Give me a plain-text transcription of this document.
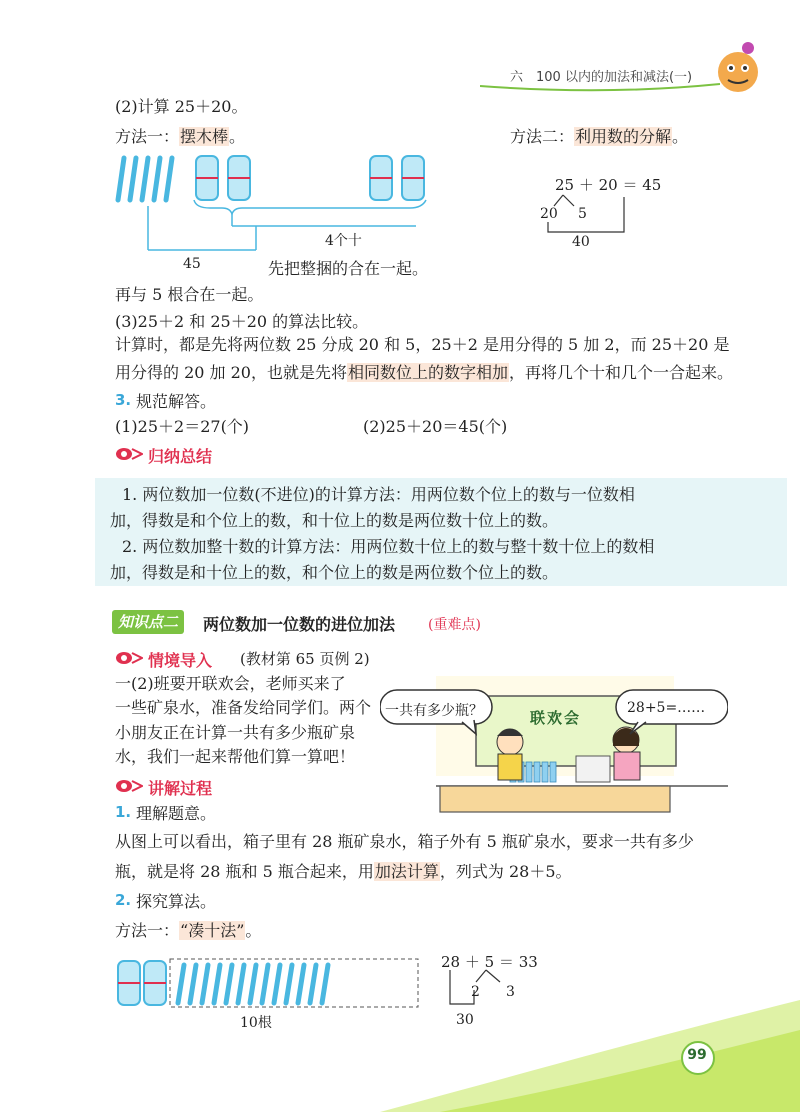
99
六　100 以内的加法和减法(一)
(2)计算 25＋20。
方法一：摆木棒。	方法二：利用数的分解。
4个十
45	先把整捆的合在一起。
25 ＋ 20 ＝ 45
20 5
40
再与 5 根合在一起。
(3)25＋2 和 25＋20 的算法比较。
计算时，都是先将两位数 25 分成 20 和 5，25＋2 是用分得的 5 加 2，而 25＋20 是
用分得的 20 加 20，也就是先将相同数位上的数字相加，再将几个十和几个一合起来。
3. 规范解答。
(1)25＋2＝27(个)	(2)25＋20＝45(个)
归纳总结
1. 两位数加一位数(不进位)的计算方法：用两位数个位上的数与一位数相
加，得数是和个位上的数，和十位上的数是两位数十位上的数。
2. 两位数加整十数的计算方法：用两位数十位上的数与整十数十位上的数相
加，得数是和十位上的数，和个位上的数是两位数个位上的数。
知识点二	两位数加一位数的进位加法 (重难点)
情境导入 (教材第 65 页例 2)
一(2)班要开联欢会，老师买来了
一些矿泉水，准备发给同学们。两个
小朋友正在计算一共有多少瓶矿泉
水，我们一起来帮他们算一算吧！
一共有多少瓶？	28+5=……
联欢会
讲解过程
1. 理解题意。
从图上可以看出，箱子里有 28 瓶矿泉水，箱子外有 5 瓶矿泉水，要求一共有多少
瓶，就是将 28 瓶和 5 瓶合起来，用加法计算，列式为 28＋5。
2. 探究算法。
方法一：“凑十法”。
10根
28 ＋ 5 ＝ 33
2 3
30
